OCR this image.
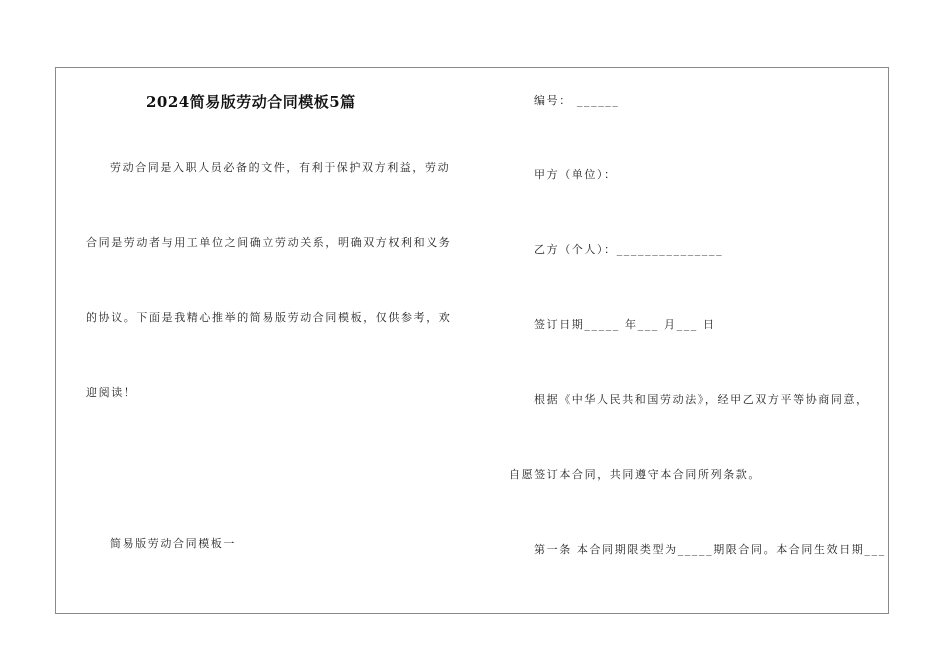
2024简易版劳动合同模板5篇
劳动合同是入职人员必备的文件，有利于保护双方利益，劳动
合同是劳动者与用工单位之间确立劳动关系，明确双方权利和义务
的协议。下面是我精心推举的简易版劳动合同模板，仅供参考，欢
迎阅读！
简易版劳动合同模板一
编号： ______
甲方（单位）：
乙方（个人）：_______________
签订日期_____ 年___ 月___ 日
根据《中华人民共和国劳动法》，经甲乙双方平等协商同意，
自愿签订本合同，共同遵守本合同所列条款。
第一条 本合同期限类型为_____期限合同。本合同生效日期___
